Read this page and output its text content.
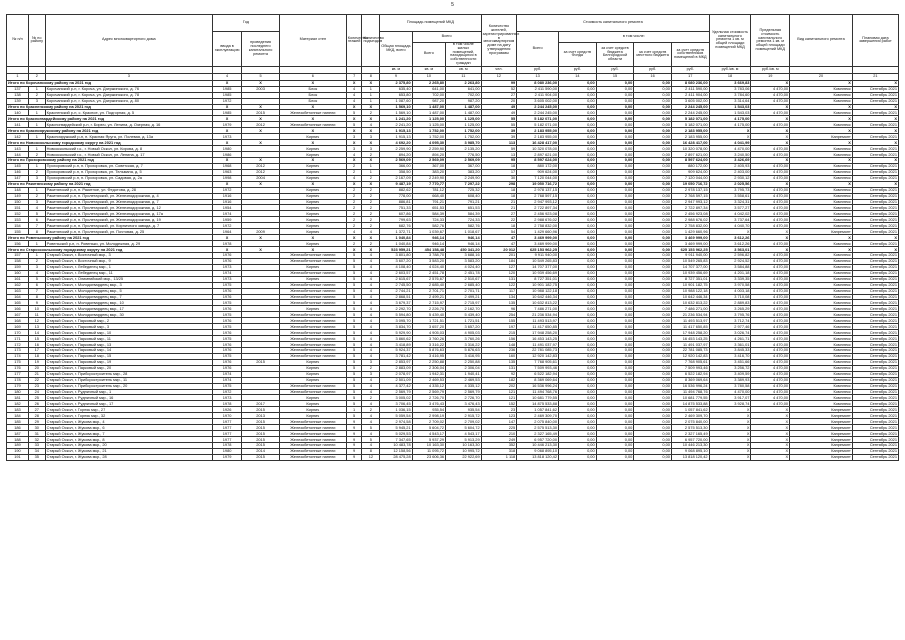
5
№ п/п	№ по району	Адрес многоквартирного дома	Год		Материал стен	Количество этажей	Количество подъездов	Площадь помещений МКД			Количество жителей, зарегистрированных в многоквартирном доме на дату утверждения программы	Стоимость капитального ремонта					Удельная стоимость капитального ремонта 1 кв. м общей площади помещений МКД	Предельная стоимость капитального ремонта 1 кв. м общей площади помещений МКД	Вид капитального ремонта	Плановая дата завершения работ
			ввода в эксплуатацию	проведения последнего капитального ремонта				Общая площадь МКД, всего	Всего			Всего	в том числе:							
									Всего	в том числе жилых помещений, находящихся в собственности граждан			за счет средств Фонда	за счет средств бюджета Белгородской области	за счет средств местного бюджета	за счет средств собственников помещений в МКД				
								кв. м	кв. м	кв. м	чел.	руб.	руб.	руб.	руб.	руб.	руб./кв. м	руб./кв. м		
1	2	3	4	5	6	7	8	9	10	11	12	13	14	15	16	17	18	19	20	21
Итого по Корочанскому району на 2021 год			X	X	X	X	X	2 375,80	2 265,80	2 263,80	99	8 080 236,00	0,00	0,00	0,00	8 080 236,00	3 669,83	X	X	X
137	1	Корочанский р-н, г. Короча, ул. Дзержинского, д. 76	1985	2003	Блок	4	1	635,40	641,00	641,00	52	2 411 590,00	0,00	0,00	0,00	2 411 590,00	3 783,06	4 470,00	Комплекс	Сентябрь 2021
138	2	Корочанский р-н, г. Короча, ул. Дзержинского, д. 78	1985		Блок	4	1	653,80	702,00	702,00	27	2 411 904,00	0,00	0,00	0,00	2 411 904,00	3 784,60	4 470,00	Комплекс	Сентябрь 2021
139	3	Корочанский р-н, г. Короча, ул. Дзержинского, д. 80	1972		Блок	4	1	1 087,60	987,20	987,20	20	3 605 002,00	0,00	0,00	0,00	3 605 002,00	3 314,64	4 470,00	Комплекс	Сентябрь 2021
Итого по Красненскому району на 2021 год			X	X	X	X	X	1 569,10	1 487,00	1 487,00	49	2 244 245,00	0,00	0,00	0,00	2 244 245,00	1 543,03	X	X	X
140	1	Красненский р-н, с. Красное, ул. Подгорная, д. 5	1985	2015	Железобетонные панели	5	2	1 569,10	1 487,00	1 487,00	49	2 244 245,00	0,00	0,00	0,00	2 244 245,00	1 543,03	4 470,00	Комплекс	Сентябрь 2021
Итого по Красногвардейскому району на 2021 год			X	X	X	X	X	1 241,20	1 125,00	1 125,00	55	5 182 071,00	0,00	0,00	0,00	5 182 071,00	4 175,00	X	X	X
141	1	Красногвардейский р-н, г. Бирюч, ул. Ленина, д. Озерная, д. 16	1979	2012	Железобетонные панели	5	4	2 241,20	1 125,00	1 125,00	55	5 182 071,00	0,00	0,00	0,00	5 182 071,00	4 175,00	4 470,00	Комплекс	Сентябрь 2021
Итого по Краснояружскому району на 2021 год			X	X	X	X	X	1 915,13	1 752,00	1 752,00	39	2 183 955,00	0,00	0,00	0,00	2 183 955,00	X	X	X	X
142	1	Краснояружский р-н, п. Красная Яруга, ул. Полевая, д. 13а	1973		Кирпич	3	3	1 915,13	1 752,00	1 752,00	39	2 183 955,00	0,00	0,00	0,00	2 183 955,00	X	X	Капремонт	Сентябрь 2021
Итого по Новооскольскому городскому округу на 2021 год			X	X	X	X	X	4 692,20	4 095,30	3 985,70	113	16 428 417,00	0,00	0,00	0,00	16 428 417,00	4 041,99	X	X	X
143	1	Новооскольский г.о., г. Новый Оскол, ул. Кирова, д. 8	1980		Кирпич	3	3	2 259,90	2 259,90	2 135,20	59	10 320 078,00	0,00	0,00	0,00	10 320 078,00	4 470,00	4 470,00	Комплекс	Сентябрь 2021
144	2	Новооскольский г.о., г. Новый Оскол, ул. Ленина, д. 17	1986		Кирпич	4	2	894,20	894,20	776,50	13	2 897 621,00	0,00	0,00	0,00	2 897 621,00	3 240,50	4 470,00	Комплекс	Сентябрь 2021
Итого по Прохоровскому району на 2021 год			X	X	X	X	X	2 569,09	2 569,09	2 569,09	95	8 597 624,00	0,00	0,00	0,00	8 597 624,00	3 426,69	X	X	X
145	1	Прохоровский р-н, п. Прохоровка, ул. Советская, д. 7	1968	2012	Кирпич	2	1	366,00	367,00	367,00	18	880 172,00	0,00	0,00	0,00	880 172,00	2 405,93	4 470,00	Комплекс	Сентябрь 2021
146	2	Прохоровский р-н, п. Прохоровка, ул. Тельмана, д. 5	1963	2012	Кирпич	2	1	358,50	383,20	383,20	17	909 624,00	0,00	0,00	0,00	909 624,00	2 403,00	4 470,00	Комплекс	Сентябрь 2021
147	3	Прохоровский р-н, п. Прохоровка, ул. Садовая, д. 2а	1998	2004	Кирпич	4	2	2 167,09	2 249,90	2 249,90	30	7 120 044,00	0,00	0,00	0,00	7 120 044,00	2 930,12	4 470,00	Комплекс	Сентябрь 2021
Итого по Ракитянскому району на 2021 год			X	X	X	X	X	9 487,19	7 770,77	7 297,22	298	19 050 716,72	0,00	0,00	0,00	19 050 716,72	2 025,56	X	X	X
148	1	Ракитянский р-н, п. Ракитное, ул. Федотова, д. 28	1972		Кирпич	2	2	882,62	781,12	725,32	18	2 978 137,15	0,00	0,00	0,00	2 978 137,15	3 795,73	4 470,00	Комплекс	Сентябрь 2021
149	2	Ракитянский р-н, п. Пролетарский, ул. Железнодорожная, д. 4	1916		Кирпич	2	2	778,00	668,40	608,40	18	2 768 597,15	0,00	0,00	0,00	2 768 597,15	3 558,61	4 470,00	Комплекс	Сентябрь 2021
150	3	Ракитянский р-н, п. Пролетарский, ул. Железнодорожная, д. 7	1916		Кирпич	2	2	886,81	791,21	791,21	21	2 947 993,12	0,00	0,00	0,00	2 947 993,12	3 324,31	4 470,00	Комплекс	Сентябрь 2021
151	4	Ракитянский р-н, п. Пролетарский, ул. Железнодорожная, д. 12	1954		Кирпич	2	2	751,33	651,53	651,53	21	2 722 897,34	0,00	0,00	0,00	2 722 897,34	3 577,27	4 470,00	Комплекс	Сентябрь 2021
152	5	Ракитянский р-н, п. Пролетарский, ул. Железнодорожная, д. 17а	1974		Кирпич	2	2	607,86	584,39	584,39	27	2 456 923,08	0,00	0,00	0,00	2 456 923,08	4 042,02	4 470,00	Комплекс	Сентябрь 2021
153	6	Ракитянский р-н, п. Пролетарский, ул. Железнодорожная, д. 19	1959		Кирпич	2	2	799,63	724,33	724,33	22	2 988 676,02	0,00	0,00	0,00	2 988 676,02	3 737,64	4 470,00	Комплекс	Сентябрь 2021
154	7	Ракитянский р-н, п. Пролетарский, ул. Кирпичного завода, д. 7	1972		Кирпич	2	2	682,76	582,76	582,76	18	2 758 832,00	0,00	0,00	0,00	2 758 832,00	4 040,70	4 470,00	Комплекс	Сентябрь 2021
155	8	Ракитянский р-н, п. Пролетарский, ул. Почтовая, д. 25	1964	2009	Кирпич	4	4	1 372,71	1 039,67	1 018,67	54	1 429 660,96	0,00	0,00	0,00	1 429 660,96	X	X	Капремонт	Сентябрь 2021
Итого по Ровеньскому району на 2021 год			X	X	X	X	X	1 040,84	946,14	946,14	47	3 469 999,00	0,00	0,00	0,00	3 469 999,00	3 612,26	X	X	X
156	1	Ровеньский р-н, п. Ровеньки, ул. Молодежная, д. 29	1978		Кирпич	2	2	1 040,84	946,14	946,14	47	3 469 999,00	0,00	0,00	0,00	3 469 999,00	3 612,26	4 470,00	Комплекс	Сентябрь 2021
Итого по Старооскольскому городскому округу на 2021 год			X	X	X	X	X	523 959,21	454 158,48	450 341,20	20 012	625 153 962,25	0,00	0,00	0,00	625 153 962,25	3 563,01	X	X	X
157	1	Старый Оскол, г. Восточный мкр., 3	1976		Железобетонные панели	5	4	3 801,80	3 788,70	3 688,16	201	9 911 940,00	0,00	0,00	0,00	9 911 940,00	2 596,82	4 470,00	Комплекс	Сентябрь 2021
158	2	Старый Оскол, г. Восточный мкр., 9	1976		Железобетонные панели	5	4	3 607,20	3 583,20	3 583,20	184	10 549 265,83	0,00	0,00	0,00	10 549 265,83	2 924,52	4 470,00	Комплекс	Сентябрь 2021
159	3	Старый Оскол, г. Лебединец мкр., 1	1973		Кирпич	5	4	4 108,40	4 024,40	4 024,40	127	14 707 377,00	0,00	0,00	0,00	14 707 377,00	3 584,88	4 470,00	Комплекс	Сентябрь 2021
160	4	Старый Оскол, г. Лебединец мкр., 11	1974		Железобетонные панели	5	4	2 603,57	2 451,78	2 451,78	120	10 939 456,69	0,00	0,00	0,00	10 939 456,69	4 201,18	4 470,00	Комплекс	Сентябрь 2021
161	5	Старый Оскол, г. Олимпийский мкр., 13/25	1973		Кирпич	5	4	2 615,67	2 576,67	2 510,67	131	8 727 351,01	0,00	0,00	0,00	8 727 351,01	3 339,35	4 470,00	Комплекс	Сентябрь 2021
162	6	Старый Оскол, г. Молодогвардеец мкр., 3	1975		Железобетонные панели	5	4	2 745,50	2 685,40	2 685,40	122	10 901 182,75	0,00	0,00	0,00	10 901 182,75	3 970,58	4 470,00	Комплекс	Сентябрь 2021
163	7	Старый Оскол, г. Молодогвардеец мкр., 5	1976		Железобетонные панели	5	4	2 744,21	2 701,71	2 701,71	117	10 988 122,18	0,00	0,00	0,00	10 988 122,18	4 003,18	4 470,00	Комплекс	Сентябрь 2021
164	8	Старый Оскол, г. Молодогвардеец мкр., 7	1976		Железобетонные панели	5	4	2 868,51	2 499,21	2 499,21	134	10 642 446,34	0,00	0,00	0,00	10 642 446,34	3 710,08	4 470,00	Комплекс	Сентябрь 2021
165	9	Старый Оскол, г. Молодогвардеец мкр., 10	1975		Железобетонные панели	5	4	3 679,37	2 715,97	2 715,97	135	10 632 813,22	0,00	0,00	0,00	10 632 813,22	2 889,83	4 470,00	Комплекс	Сентябрь 2021
166	10	Старый Оскол, г. Молодогвардеец мкр., 17	1976		Кирпич	5	4	2 292,70	2 226,70	2 162,70	96	7 486 271,00	0,00	0,00	0,00	7 486 271,00	3 265,29	4 470,00	Комплекс	Сентябрь 2021
167	11	Старый Оскол, г. Молодогвардеец мкр., 30	1975		Железобетонные панели	5	4	5 594,80	5 439,40	5 439,40	254	21 236 534,94	0,00	0,00	0,00	21 236 534,94	3 795,76	4 470,00	Комплекс	Сентябрь 2021
168	12	Старый Оскол, г. Парковый мкр., 2	1976		Железобетонные панели	5	4	3 095,70	1 721,51	1 721,51	155	11 493 513,97	0,00	0,00	0,00	11 493 513,97	3 712,74	4 470,00	Комплекс	Сентябрь 2021
169	13	Старый Оскол, г. Парковый мкр., 3	1975		Железобетонные панели	5	4	3 834,70	3 657,20	3 657,20	197	11 417 650,85	0,00	0,00	0,00	11 417 650,85	2 977,46	4 470,00	Комплекс	Сентябрь 2021
170	14	Старый Оскол, г. Парковый мкр., 10	1976		Железобетонные панели	5	4	5 929,90	4 905,03	4 905,03	215	17 948 258,20	0,00	0,00	0,00	17 948 258,20	3 026,74	4 470,00	Комплекс	Сентябрь 2021
171	15	Старый Оскол, г. Парковый мкр., 11	1975		Железобетонные панели	5	4	3 860,62	3 760,26	3 760,26	156	16 453 143,25	0,00	0,00	0,00	16 453 143,25	4 261,71	4 470,00	Комплекс	Сентябрь 2021
172	16	Старый Оскол, г. Парковый мкр., 13	1976		Железобетонные панели	5	4	3 418,89	3 316,22	3 316,22	148	11 491 037,97	0,00	0,00	0,00	11 491 037,97	3 361,01	4 470,00	Комплекс	Сентябрь 2021
173	17	Старый Оскол, г. Парковый мкр., 14	1976		Железобетонные панели	5	4	5 924,37	5 876,63	5 876,63	236	22 781 085,73	0,00	0,00	0,00	22 781 085,73	3 845,33	4 470,00	Комплекс	Сентябрь 2021
174	18	Старый Оскол, г. Парковый мкр., 15	1975		Железобетонные панели	5	4	3 781,42	3 416,95	3 416,95	160	12 920 142,83	0,00	0,00	0,00	12 920 142,83	3 416,70	4 470,00	Комплекс	Сентябрь 2021
175	19	Старый Оскол, г. Парковый мкр., 19	1976	2015	Кирпич	5	3	2 853,97	2 250,88	2 250,88	135	7 768 905,61	0,00	0,00	0,00	7 768 905,61	3 451,66	4 470,00	Комплекс	Сентябрь 2021
176	20	Старый Оскол, г. Парковый мкр., 20	1976		Кирпич	5	2	2 883,09	2 306,04	2 306,04	131	7 509 993,46	0,00	0,00	0,00	7 509 993,46	3 256,72	4 470,00	Комплекс	Сентябрь 2021
177	21	Старый Оскол, г. Приборостроитель мкр., 28	1974		Кирпич	5	3	2 078,97	1 942,31	1 940,41	92	6 522 182,94	0,00	0,00	0,00	6 522 182,94	3 409,59	4 470,00	Комплекс	Сентябрь 2021
178	22	Старый Оскол, г. Приборостроитель мкр., 11	1974		Кирпич	5	4	2 501,09	2 469,53	2 469,53	182	8 369 069,64	0,00	0,00	0,00	8 369 069,64	3 389,93	4 470,00	Комплекс	Сентябрь 2021
179	23	Старый Оскол, г. Приборостроитель мкр., 20	1975		Железобетонные панели	5	4	4 377,42	4 335,12	4 335,12	202	16 536 996,24	0,00	0,00	0,00	16 536 996,24	3 780,58	4 470,00	Комплекс	Сентябрь 2021
180	24	Старый Оскол, г. Рудничный мкр., 1	1972		Железобетонные панели	5	4	2 569,79	2 569,79	2 569,79	121	11 494 768,76	0,00	0,00	0,00	11 494 768,76	4 470,00	4 470,00	Комплекс	Сентябрь 2021
181	25	Старый Оскол, г. Рудничный мкр., 16	1973		Кирпич	5	2	3 005,02	2 726,70	2 726,70	121	10 681 779,55	0,00	0,00	0,00	10 681 779,55	3 917,07	4 470,00	Комплекс	Сентябрь 2021
182	26	Старый Оскол, г. Рудничный мкр., 17	1978	2017	Кирпич	5	4	3 706,45	3 476,43	3 476,43	152	14 875 533,88	0,00	0,00	0,00	14 875 533,88	3 928,74	4 470,00	Комплекс	Сентябрь 2021
183	27	Старый Оскол, г. Горняк мкр., 27	1926	2015	Кирпич	1	2	1 036,15	935,54	935,54	23	1 057 841,62	0,00	0,00	0,00	1 057 841,62	X	X	Капремонт	Сентябрь 2021
184	28	Старый Оскол, г. Горняк мкр., 32	1970	2013	Кирпич	5	4	5 059,54	2 998,19	2 915,72	123	2 469 309,70	0,00	0,00	0,00	2 469 309,70	X	X	Капремонт	Сентябрь 2021
185	29	Старый Оскол, г. Жукова мкр., 4	1977	2015	Железобетонные панели	9	4	2 974,58	2 709,02	2 709,02	147	2 075 840,00	0,00	0,00	0,00	2 075 840,00	X	X	Капремонт	Сентябрь 2021
186	30	Старый Оскол, г. Жукова мкр., 6	1977	2015	Железобетонные панели	9	5	5 945,21	5 604,72	5 604,72	225	2 575 513,30	0,00	0,00	0,00	2 575 513,30	X	X	Капремонт	Сентябрь 2021
187	31	Старый Оскол, г. Жукова мкр., 7	1977	2015	Железобетонные панели	9	4	5 029,53	4 543,17	4 543,17	210	2 327 165,49	0,00	0,00	0,00	2 327 165,49	X	X	Капремонт	Сентябрь 2021
188	32	Старый Оскол, г. Жукова мкр., 8	1977	2015	Железобетонные панели	9	5	7 347,65	5 937,29	5 913,29	249	6 957 720,00	0,00	0,00	0,00	6 957 720,00	X	X	Капремонт	Сентябрь 2021
189	33	Старый Оскол, г. Жукова мкр., 20	1978	2015	Железобетонные панели	9	4	10 483,78	10 163,30	10 163,30	352	10 446 213,30	0,00	0,00	0,00	10 446 213,30	X	X	Капремонт	Сентябрь 2021
190	34	Старый Оскол, г. Жукова мкр., 21	1980	2014	Железобетонные панели	9	8	12 158,56	11 095,72	10 995,72	318	9 068 895,10	0,00	0,00	0,00	9 068 895,10	X	X	Капремонт	Сентябрь 2021
191	35	Старый Оскол, г. Жукова мкр., 28	1979	2015	Железобетонные панели	9	12	28 475,28	23 606,36	22 922,69	1 118	13 818 120,42	0,00	0,00	0,00	13 818 120,42	X	X	Капремонт	Сентябрь 2021
